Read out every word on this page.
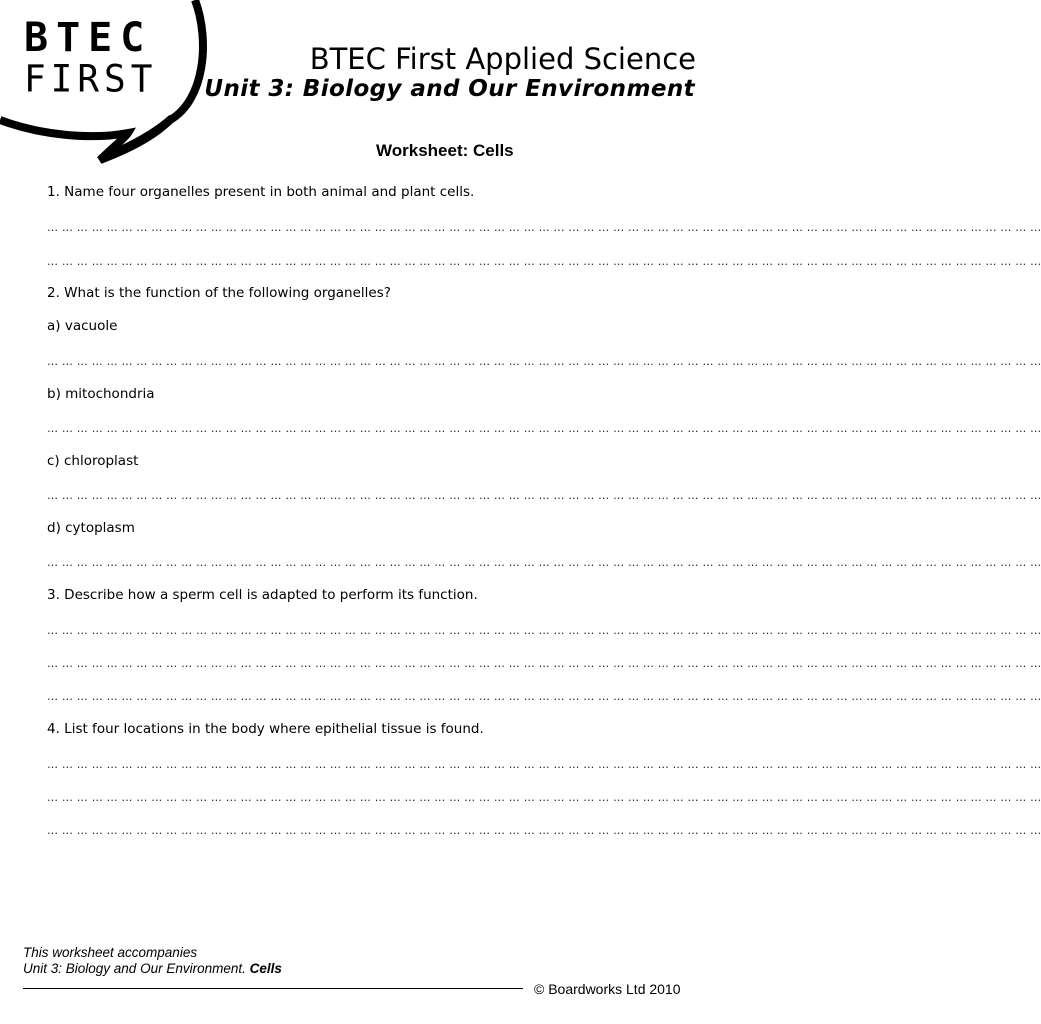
BTEC
FIRST	BTEC First Applied Science
Unit 3: Biology and Our Environment
Worksheet: Cells
1. Name four organelles present in both animal and plant cells.
… … … … … … … … … … … … … … … … … … … … … … … … … … … … … … … … … … … … … … … … … … … … … … … … … … … … … … … … … … … … … … … … … … …
… … … … … … … … … … … … … … … … … … … … … … … … … … … … … … … … … … … … … … … … … … … … … … … … … … … … … … … … … … … … … … … … … … …
2. What is the function of the following organelles?
a) vacuole
… … … … … … … … … … … … … … … … … … … … … … … … … … … … … … … … … … … … … … … … … … … … … … … … … … … … … … … … … … … … … … … … … … …
b) mitochondria
… … … … … … … … … … … … … … … … … … … … … … … … … … … … … … … … … … … … … … … … … … … … … … … … … … … … … … … … … … … … … … … … … … …
c) chloroplast
… … … … … … … … … … … … … … … … … … … … … … … … … … … … … … … … … … … … … … … … … … … … … … … … … … … … … … … … … … … … … … … … … … …
d) cytoplasm
… … … … … … … … … … … … … … … … … … … … … … … … … … … … … … … … … … … … … … … … … … … … … … … … … … … … … … … … … … … … … … … … … … …
3. Describe how a sperm cell is adapted to perform its function.
… … … … … … … … … … … … … … … … … … … … … … … … … … … … … … … … … … … … … … … … … … … … … … … … … … … … … … … … … … … … … … … … … … …
… … … … … … … … … … … … … … … … … … … … … … … … … … … … … … … … … … … … … … … … … … … … … … … … … … … … … … … … … … … … … … … … … … …
… … … … … … … … … … … … … … … … … … … … … … … … … … … … … … … … … … … … … … … … … … … … … … … … … … … … … … … … … … … … … … … … … … …
4. List four locations in the body where epithelial tissue is found.
… … … … … … … … … … … … … … … … … … … … … … … … … … … … … … … … … … … … … … … … … … … … … … … … … … … … … … … … … … … … … … … … … … …
… … … … … … … … … … … … … … … … … … … … … … … … … … … … … … … … … … … … … … … … … … … … … … … … … … … … … … … … … … … … … … … … … … …
… … … … … … … … … … … … … … … … … … … … … … … … … … … … … … … … … … … … … … … … … … … … … … … … … … … … … … … … … … … … … … … … … … …
This worksheet accompanies
Unit 3: Biology and Our Environment. Cells
© Boardworks Ltd 2010
